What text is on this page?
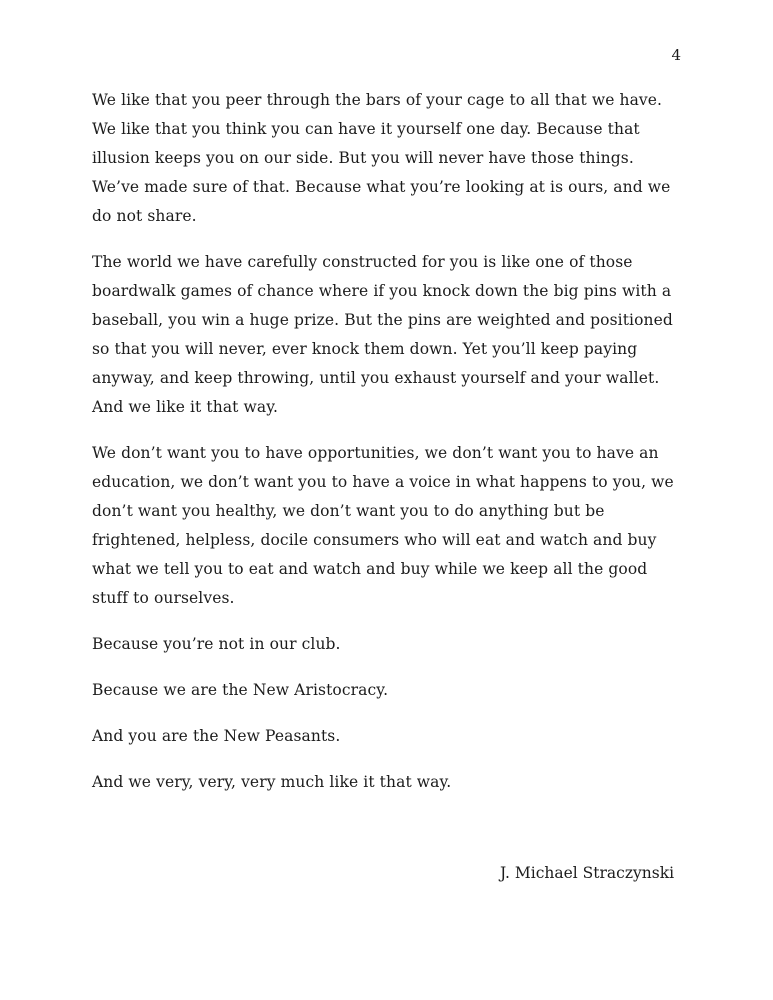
4

We like that you peer through the bars of your cage to all that we have. We like that you think you can have it yourself one day. Because that illusion keeps you on our side. But you will never have those things. We’ve made sure of that. Because what you’re looking at is ours, and we do not share.

The world we have carefully constructed for you is like one of those boardwalk games of chance where if you knock down the big pins with a baseball, you win a huge prize. But the pins are weighted and positioned so that you will never, ever knock them down. Yet you’ll keep paying anyway, and keep throwing, until you exhaust yourself and your wallet. And we like it that way.

We don’t want you to have opportunities, we don’t want you to have an education, we don’t want you to have a voice in what happens to you, we don’t want you healthy, we don’t want you to do anything but be frightened, helpless, docile consumers who will eat and watch and buy what we tell you to eat and watch and buy while we keep all the good stuff to ourselves.

Because you’re not in our club.

Because we are the New Aristocracy.

And you are the New Peasants.

And we very, very, very much like it that way.

J. Michael Straczynski
